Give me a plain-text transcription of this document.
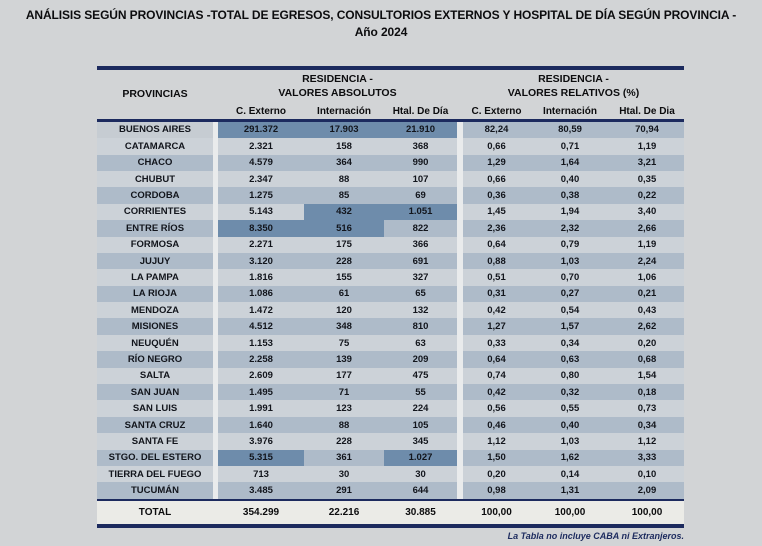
ANÁLISIS SEGÚN PROVINCIAS -TOTAL DE EGRESOS, CONSULTORIOS EXTERNOS Y HOSPITAL DE DÍA SEGÚN PROVINCIA -
Año 2024
PROVINCIAS
RESIDENCIA -
VALORES ABSOLUTOS
RESIDENCIA -
VALORES RELATIVOS (%)
C. Externo	Internación	Htal. De Día	C. Externo	Internación	Htal. De Dia
BUENOS AIRES	291.372	17.903	21.910	82,24	80,59	70,94
CATAMARCA	2.321	158	368	0,66	0,71	1,19
CHACO	4.579	364	990	1,29	1,64	3,21
CHUBUT	2.347	88	107	0,66	0,40	0,35
CORDOBA	1.275	85	69	0,36	0,38	0,22
CORRIENTES	5.143	432	1.051	1,45	1,94	3,40
ENTRE RÍOS	8.350	516	822	2,36	2,32	2,66
FORMOSA	2.271	175	366	0,64	0,79	1,19
JUJUY	3.120	228	691	0,88	1,03	2,24
LA PAMPA	1.816	155	327	0,51	0,70	1,06
LA RIOJA	1.086	61	65	0,31	0,27	0,21
MENDOZA	1.472	120	132	0,42	0,54	0,43
MISIONES	4.512	348	810	1,27	1,57	2,62
NEUQUÉN	1.153	75	63	0,33	0,34	0,20
RÍO NEGRO	2.258	139	209	0,64	0,63	0,68
SALTA	2.609	177	475	0,74	0,80	1,54
SAN JUAN	1.495	71	55	0,42	0,32	0,18
SAN LUIS	1.991	123	224	0,56	0,55	0,73
SANTA CRUZ	1.640	88	105	0,46	0,40	0,34
SANTA FE	3.976	228	345	1,12	1,03	1,12
STGO. DEL ESTERO	5.315	361	1.027	1,50	1,62	3,33
TIERRA DEL FUEGO	713	30	30	0,20	0,14	0,10
TUCUMÁN	3.485	291	644	0,98	1,31	2,09
TOTAL	354.299	22.216	30.885	100,00	100,00	100,00
La Tabla no incluye CABA ni Extranjeros.
